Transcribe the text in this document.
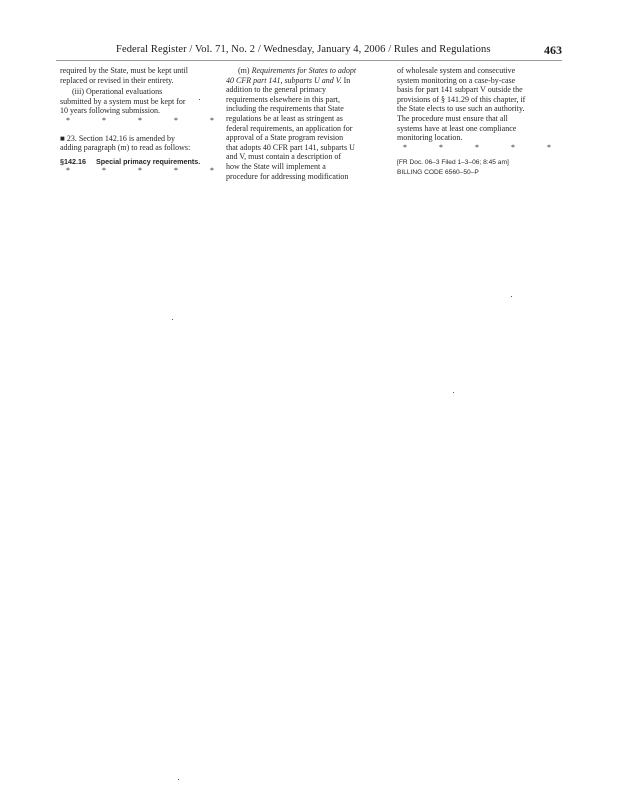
Federal Register / Vol. 71, No. 2 / Wednesday, January 4, 2006 / Rules and Regulations	463

required by the State, must be kept until

replaced or revised in their entirety.

(iii) Operational evaluations

submitted by a system must be kept for

10 years following submission.

* * * * *

■ 23. Section 142.16 is amended by

adding paragraph (m) to read as follows:

§142.16 Special primacy requirements.

* * * * *

(m) Requirements for States to adopt

40 CFR part 141, subparts U and V. In

addition to the general primacy

requirements elsewhere in this part,

including the requirements that State

regulations be at least as stringent as

federal requirements, an application for

approval of a State program revision

that adopts 40 CFR part 141, subparts U

and V, must contain a description of

how the State will implement a

procedure for addressing modification

of wholesale system and consecutive

system monitoring on a case-by-case

basis for part 141 subpart V outside the

provisions of § 141.29 of this chapter, if

the State elects to use such an authority.

The procedure must ensure that all

systems have at least one compliance

monitoring location.

* * * * *

[FR Doc. 06–3 Filed 1–3–06; 8:45 am]

BILLING CODE 6560–50–P
